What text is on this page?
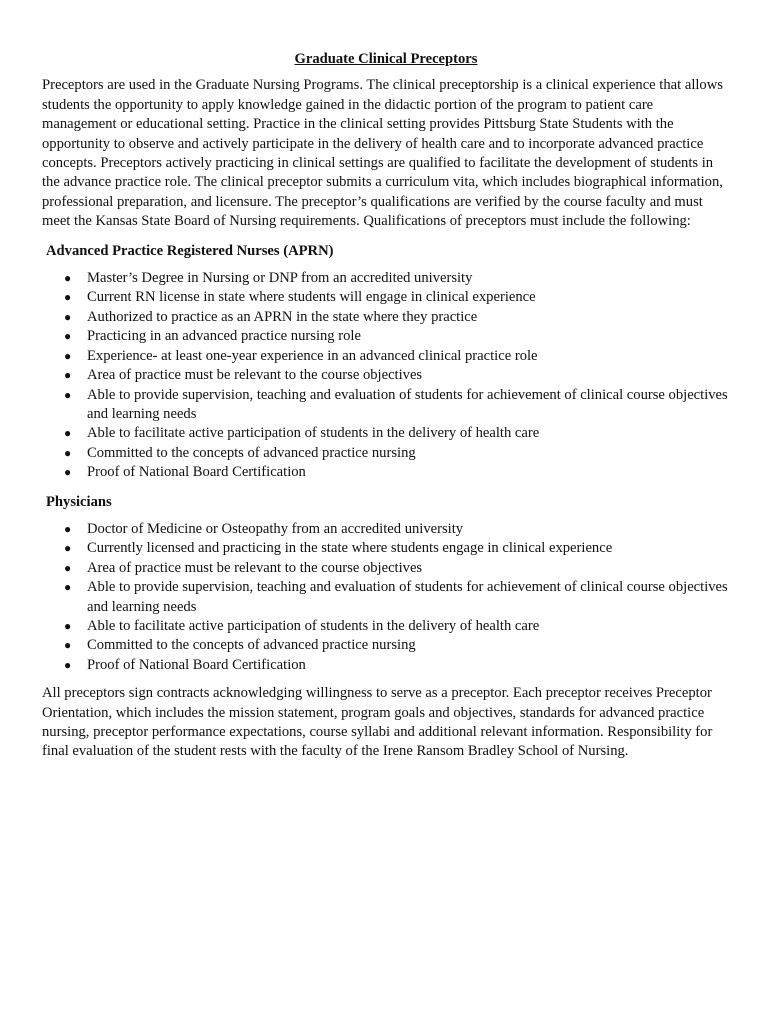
Graduate Clinical Preceptors

Preceptors are used in the Graduate Nursing Programs. The clinical preceptorship is a clinical experience that allows students the opportunity to apply knowledge gained in the didactic portion of the program to patient care management or educational setting. Practice in the clinical setting provides Pittsburg State Students with the opportunity to observe and actively participate in the delivery of health care and to incorporate advanced practice concepts. Preceptors actively practicing in clinical settings are qualified to facilitate the development of students in the advance practice role. The clinical preceptor submits a curriculum vita, which includes biographical information, professional preparation, and licensure. The preceptor’s qualifications are verified by the course faculty and must meet the Kansas State Board of Nursing requirements. Qualifications of preceptors must include the following:

Advanced Practice Registered Nurses (APRN)
● Master’s Degree in Nursing or DNP from an accredited university
● Current RN license in state where students will engage in clinical experience
● Authorized to practice as an APRN in the state where they practice
● Practicing in an advanced practice nursing role
● Experience- at least one-year experience in an advanced clinical practice role
● Area of practice must be relevant to the course objectives
● Able to provide supervision, teaching and evaluation of students for achievement of clinical course objectives and learning needs
● Able to facilitate active participation of students in the delivery of health care
● Committed to the concepts of advanced practice nursing
● Proof of National Board Certification
Physicians
● Doctor of Medicine or Osteopathy from an accredited university
● Currently licensed and practicing in the state where students engage in clinical experience
● Area of practice must be relevant to the course objectives
● Able to provide supervision, teaching and evaluation of students for achievement of clinical course objectives and learning needs
● Able to facilitate active participation of students in the delivery of health care
● Committed to the concepts of advanced practice nursing
● Proof of National Board Certification

All preceptors sign contracts acknowledging willingness to serve as a preceptor. Each preceptor receives Preceptor Orientation, which includes the mission statement, program goals and objectives, standards for advanced practice nursing, preceptor performance expectations, course syllabi and additional relevant information. Responsibility for final evaluation of the student rests with the faculty of the Irene Ransom Bradley School of Nursing.
